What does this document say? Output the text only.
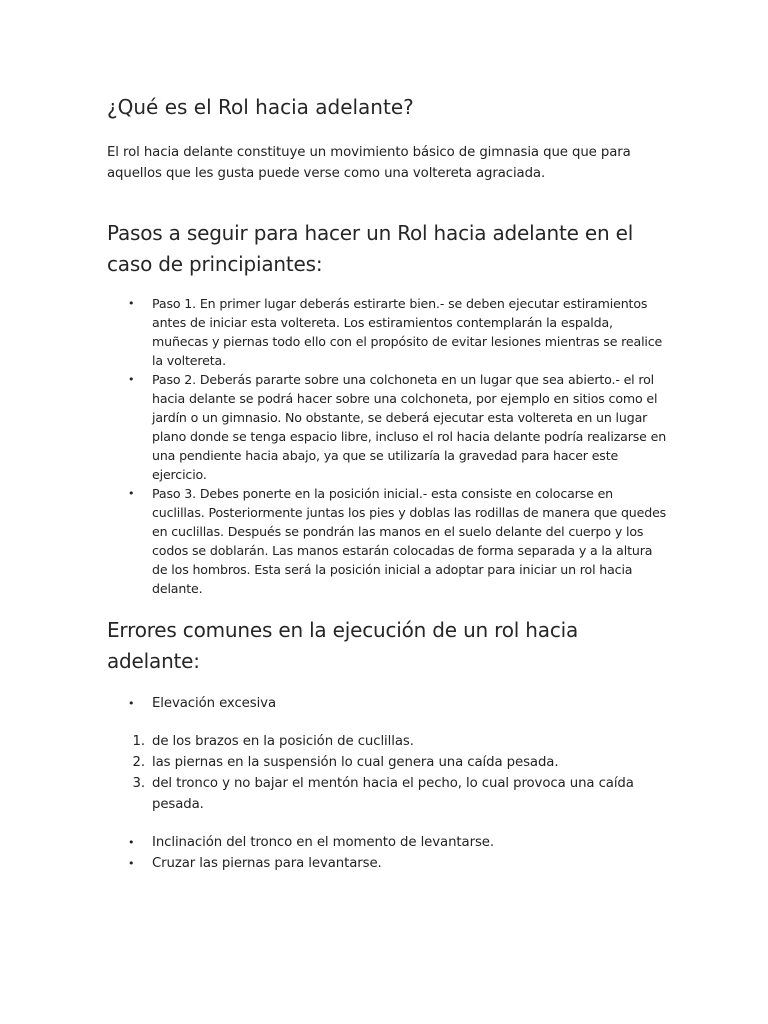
¿Qué es el Rol hacia adelante?

El rol hacia delante constituye un movimiento básico de gimnasia que que para aquellos que les gusta puede verse como una voltereta agraciada.

Pasos a seguir para hacer un Rol hacia adelante en el caso de principiantes:
• Paso 1. En primer lugar deberás estirarte bien.- se deben ejecutar estiramientos antes de iniciar esta voltereta. Los estiramientos contemplarán la espalda, muñecas y piernas todo ello con el propósito de evitar lesiones mientras se realice la voltereta.
• Paso 2. Deberás pararte sobre una colchoneta en un lugar que sea abierto.- el rol hacia delante se podrá hacer sobre una colchoneta, por ejemplo en sitios como el jardín o un gimnasio. No obstante, se deberá ejecutar esta voltereta en un lugar plano donde se tenga espacio libre, incluso el rol hacia delante podría realizarse en una pendiente hacia abajo, ya que se utilizaría la gravedad para hacer este ejercicio.
• Paso 3. Debes ponerte en la posición inicial.- esta consiste en colocarse en cuclillas. Posteriormente juntas los pies y doblas las rodillas de manera que quedes en cuclillas. Después se pondrán las manos en el suelo delante del cuerpo y los codos se doblarán. Las manos estarán colocadas de forma separada y a la altura de los hombros. Esta será la posición inicial a adoptar para iniciar un rol hacia delante.
Errores comunes en la ejecución de un rol hacia adelante:
• Elevación excesiva
1. de los brazos en la posición de cuclillas.
2. las piernas en la suspensión lo cual genera una caída pesada.
3. del tronco y no bajar el mentón hacia el pecho, lo cual provoca una caída pesada.
• Inclinación del tronco en el momento de levantarse.
• Cruzar las piernas para levantarse.
